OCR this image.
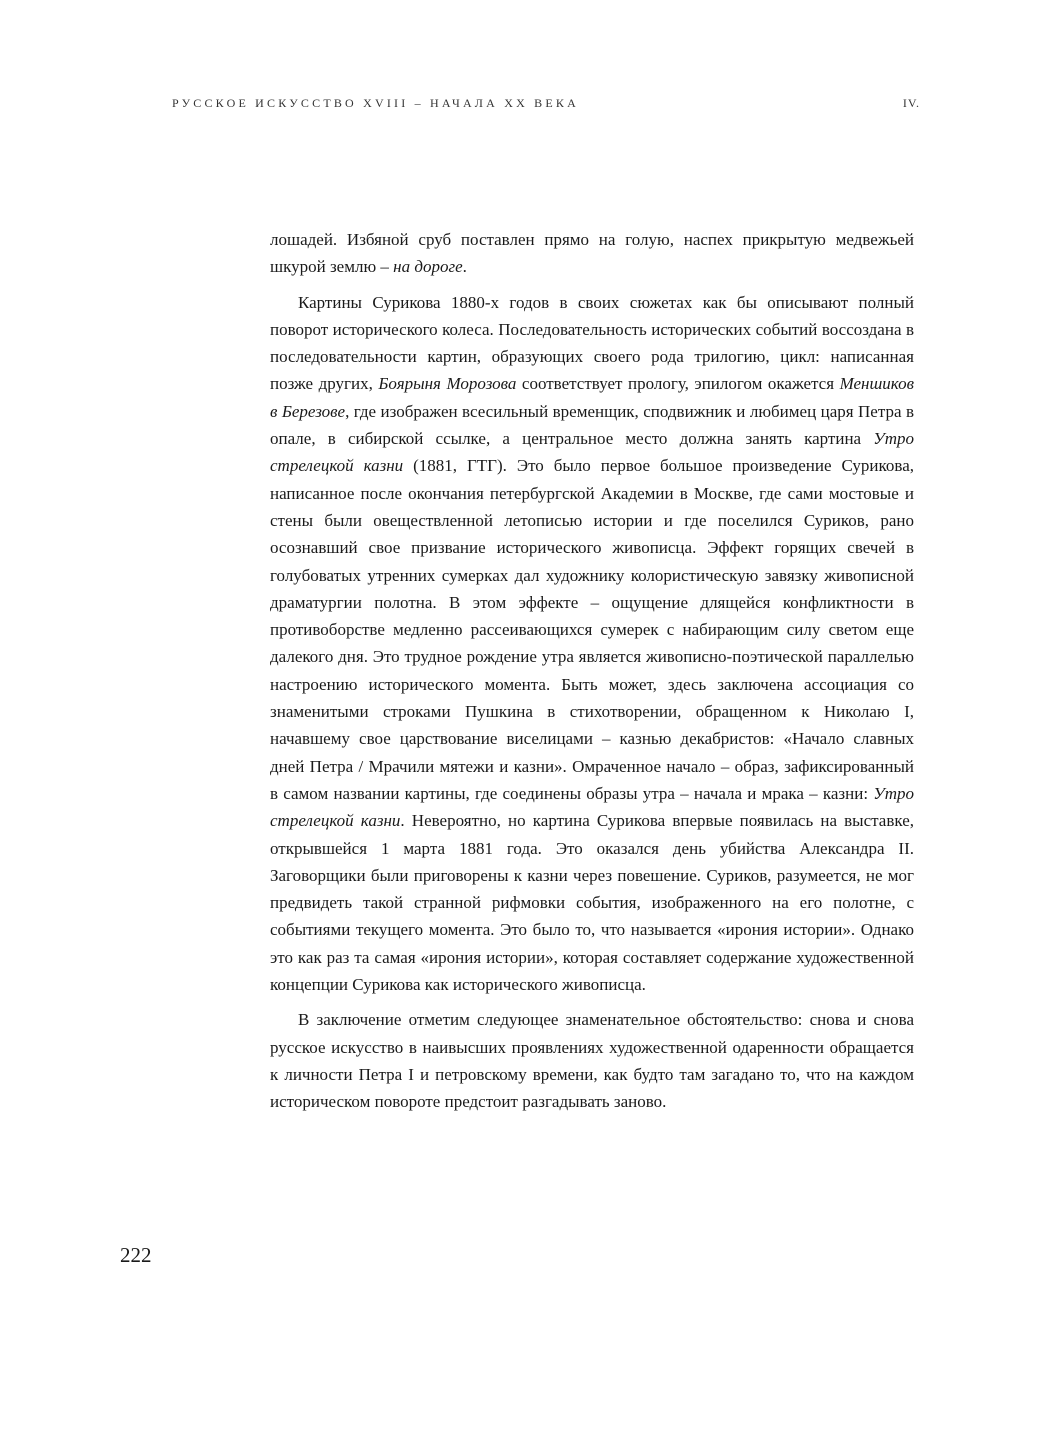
РУССКОЕ ИСКУССТВО XVIII – НАЧАЛА XX ВЕКА	IV.

лошадей. Избяной сруб поставлен прямо на голую, наспех прикрытую медвежьей шкурой землю – на дороге.

Картины Сурикова 1880-х годов в своих сюжетах как бы описывают полный поворот исторического колеса. Последовательность исторических событий воссоздана в последовательности картин, образующих своего рода трилогию, цикл: написанная позже других, Боярыня Морозова соответствует прологу, эпилогом окажется Меншиков в Березове, где изображен всесильный временщик, сподвижник и любимец царя Петра в опале, в сибирской ссылке, а центральное место должна занять картина Утро стрелецкой казни (1881, ГТГ). Это было первое большое произведение Сурикова, написанное после окончания петербургской Академии в Москве, где сами мостовые и стены были овеществленной летописью истории и где поселился Суриков, рано осознавший свое призвание исторического живописца. Эффект горящих свечей в голубоватых утренних сумерках дал художнику колористическую завязку живописной драматургии полотна. В этом эффекте – ощущение длящейся конфликтности в противоборстве медленно рассеивающихся сумерек с набирающим силу светом еще далекого дня. Это трудное рождение утра является живописно-поэтической параллелью настроению исторического момента. Быть может, здесь заключена ассоциация со знаменитыми строками Пушкина в стихотворении, обращенном к Николаю I, начавшему свое царствование виселицами – казнью декабристов: «Начало славных дней Петра / Мрачили мятежи и казни». Омраченное начало – образ, зафиксированный в самом названии картины, где соединены образы утра – начала и мрака – казни: Утро стрелецкой казни. Невероятно, но картина Сурикова впервые появилась на выставке, открывшейся 1 марта 1881 года. Это оказался день убийства Александра II. Заговорщики были приговорены к казни через повешение. Суриков, разумеется, не мог предвидеть такой странной рифмовки события, изображенного на его полотне, с событиями текущего момента. Это было то, что называется «ирония истории». Однако это как раз та самая «ирония истории», которая составляет содержание художественной концепции Сурикова как исторического живописца.

В заключение отметим следующее знаменательное обстоятельство: снова и снова русское искусство в наивысших проявлениях художественной одаренности обращается к личности Петра I и петровскому времени, как будто там загадано то, что на каждом историческом повороте предстоит разгадывать заново.

222
